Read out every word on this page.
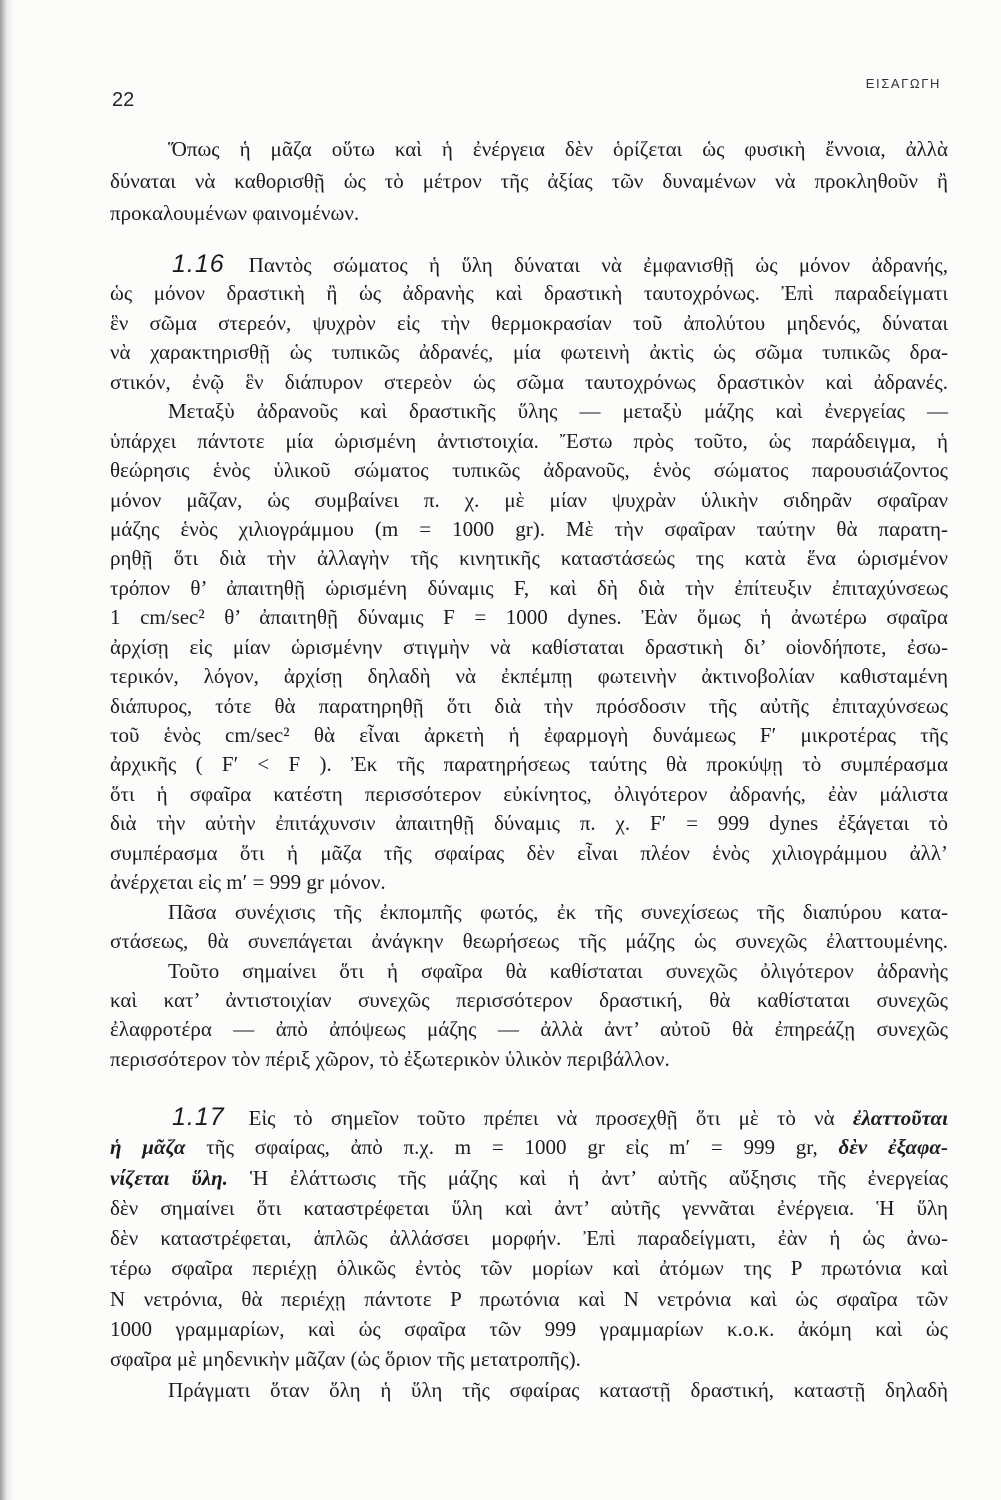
22
ΕΙΣΑΓΩΓΗ
Ὅπως ἡ μᾶζα οὕτω καὶ ἡ ἐνέργεια δὲν ὁρίζεται ὡς φυσικὴ ἔννοια, ἀλλὰ
δύναται νὰ καθορισθῇ ὡς τὸ μέτρον τῆς ἀξίας τῶν δυναμένων νὰ προκληθοῦν ἢ
προκαλουμένων φαινομένων.
1.16 Παντὸς σώματος ἡ ὕλη δύναται νὰ ἐμφανισθῇ ὡς μόνον ἀδρανής,
ὡς μόνον δραστικὴ ἢ ὡς ἀδρανὴς καὶ δραστικὴ ταυτοχρόνως. Ἐπὶ παραδείγματι
ἓν σῶμα στερεόν, ψυχρὸν εἰς τὴν θερμοκρασίαν τοῦ ἀπολύτου μηδενός, δύναται
νὰ χαρακτηρισθῇ ὡς τυπικῶς ἀδρανές, μία φωτεινὴ ἀκτὶς ὡς σῶμα τυπικῶς δρα-
στικόν, ἐνῷ ἓν διάπυρον στερεὸν ὡς σῶμα ταυτοχρόνως δραστικὸν καὶ ἀδρανές.
Μεταξὺ ἀδρανοῦς καὶ δραστικῆς ὕλης — μεταξὺ μάζης καὶ ἐνεργείας —
ὑπάρχει πάντοτε μία ὡρισμένη ἀντιστοιχία. Ἔστω πρὸς τοῦτο, ὡς παράδειγμα, ἡ
θεώρησις ἑνὸς ὑλικοῦ σώματος τυπικῶς ἀδρανοῦς, ἑνὸς σώματος παρουσιάζοντος
μόνον μᾶζαν, ὡς συμβαίνει π. χ. μὲ μίαν ψυχρὰν ὑλικὴν σιδηρᾶν σφαῖραν
μάζης ἑνὸς χιλιογράμμου (m = 1000 gr). Μὲ τὴν σφαῖραν ταύτην θὰ παρατη-
ρηθῇ ὅτι διὰ τὴν ἀλλαγὴν τῆς κινητικῆς καταστάσεώς της κατὰ ἕνα ὡρισμένον
τρόπον θ’ ἀπαιτηθῇ ὡρισμένη δύναμις F, καὶ δὴ διὰ τὴν ἐπίτευξιν ἐπιταχύνσεως
1 cm/sec² θ’ ἀπαιτηθῇ δύναμις F = 1000 dynes. Ἐὰν ὅμως ἡ ἀνωτέρω σφαῖρα
ἀρχίσῃ εἰς μίαν ὡρισμένην στιγμὴν νὰ καθίσταται δραστικὴ δι’ οἱονδήποτε, ἐσω-
τερικόν, λόγον, ἀρχίσῃ δηλαδὴ νὰ ἐκπέμπῃ φωτεινὴν ἀκτινοβολίαν καθισταμένη
διάπυρος, τότε θὰ παρατηρηθῇ ὅτι διὰ τὴν πρόσδοσιν τῆς αὐτῆς ἐπιταχύνσεως
τοῦ ἑνὸς cm/sec² θὰ εἶναι ἀρκετὴ ἡ ἐφαρμογὴ δυνάμεως F′ μικροτέρας τῆς
ἀρχικῆς ( F′ < F ). Ἐκ τῆς παρατηρήσεως ταύτης θὰ προκύψῃ τὸ συμπέρασμα
ὅτι ἡ σφαῖρα κατέστη περισσότερον εὐκίνητος, ὀλιγότερον ἀδρανής, ἐὰν μάλιστα
διὰ τὴν αὐτὴν ἐπιτάχυνσιν ἀπαιτηθῇ δύναμις π. χ. F′ = 999 dynes ἐξάγεται τὸ
συμπέρασμα ὅτι ἡ μᾶζα τῆς σφαίρας δὲν εἶναι πλέον ἑνὸς χιλιογράμμου ἀλλ’
ἀνέρχεται εἰς m′ = 999 gr μόνον.
Πᾶσα συνέχισις τῆς ἐκπομπῆς φωτός, ἐκ τῆς συνεχίσεως τῆς διαπύρου κατα-
στάσεως, θὰ συνεπάγεται ἀνάγκην θεωρήσεως τῆς μάζης ὡς συνεχῶς ἐλαττουμένης.
Τοῦτο σημαίνει ὅτι ἡ σφαῖρα θὰ καθίσταται συνεχῶς ὀλιγότερον ἀδρανὴς
καὶ κατ’ ἀντιστοιχίαν συνεχῶς περισσότερον δραστική, θὰ καθίσταται συνεχῶς
ἐλαφροτέρα — ἀπὸ ἀπόψεως μάζης — ἀλλὰ ἀντ’ αὐτοῦ θὰ ἐπηρεάζῃ συνεχῶς
περισσότερον τὸν πέριξ χῶρον, τὸ ἐξωτερικὸν ὑλικὸν περιβάλλον.
1.17 Εἰς τὸ σημεῖον τοῦτο πρέπει νὰ προσεχθῇ ὅτι μὲ τὸ νὰ ἐλαττοῦται
ἡ μᾶζα τῆς σφαίρας, ἀπὸ π.χ. m = 1000 gr εἰς m′ = 999 gr, δὲν ἐξαφα-
νίζεται ὕλη. Ἡ ἐλάττωσις τῆς μάζης καὶ ἡ ἀντ’ αὐτῆς αὔξησις τῆς ἐνεργείας
δὲν σημαίνει ὅτι καταστρέφεται ὕλη καὶ ἀντ’ αὐτῆς γεννᾶται ἐνέργεια. Ἡ ὕλη
δὲν καταστρέφεται, ἁπλῶς ἀλλάσσει μορφήν. Ἐπὶ παραδείγματι, ἐὰν ἡ ὡς ἀνω-
τέρω σφαῖρα περιέχῃ ὁλικῶς ἐντὸς τῶν μορίων καὶ ἀτόμων της P πρωτόνια καὶ
N νετρόνια, θὰ περιέχῃ πάντοτε P πρωτόνια καὶ N νετρόνια καὶ ὡς σφαῖρα τῶν
1000 γραμμαρίων, καὶ ὡς σφαῖρα τῶν 999 γραμμαρίων κ.ο.κ. ἀκόμη καὶ ὡς
σφαῖρα μὲ μηδενικὴν μᾶζαν (ὡς ὅριον τῆς μετατροπῆς).
Πράγματι ὅταν ὅλη ἡ ὕλη τῆς σφαίρας καταστῇ δραστική, καταστῇ δηλαδὴ
